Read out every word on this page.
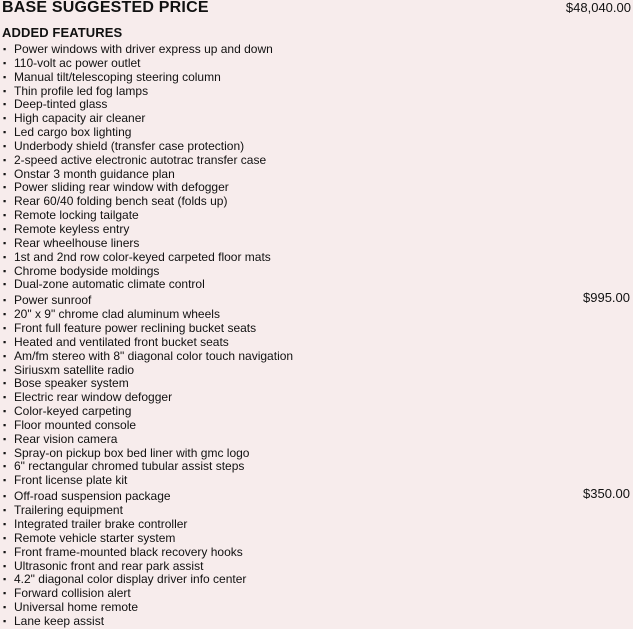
BASE SUGGESTED PRICE	$48,040.00
ADDED FEATURES
▪ Power windows with driver express up and down
▪ 110-volt ac power outlet
▪ Manual tilt/telescoping steering column
▪ Thin profile led fog lamps
▪ Deep-tinted glass
▪ High capacity air cleaner
▪ Led cargo box lighting
▪ Underbody shield (transfer case protection)
▪ 2-speed active electronic autotrac transfer case
▪ Onstar 3 month guidance plan
▪ Power sliding rear window with defogger
▪ Rear 60/40 folding bench seat (folds up)
▪ Remote locking tailgate
▪ Remote keyless entry
▪ Rear wheelhouse liners
▪ 1st and 2nd row color-keyed carpeted floor mats
▪ Chrome bodyside moldings
▪ Dual-zone automatic climate control
▪ Power sunroof	$995.00
▪ 20" x 9" chrome clad aluminum wheels
▪ Front full feature power reclining bucket seats
▪ Heated and ventilated front bucket seats
▪ Am/fm stereo with 8" diagonal color touch navigation
▪ Siriusxm satellite radio
▪ Bose speaker system
▪ Electric rear window defogger
▪ Color-keyed carpeting
▪ Floor mounted console
▪ Rear vision camera
▪ Spray-on pickup box bed liner with gmc logo
▪ 6" rectangular chromed tubular assist steps
▪ Front license plate kit
▪ Off-road suspension package	$350.00
▪ Trailering equipment
▪ Integrated trailer brake controller
▪ Remote vehicle starter system
▪ Front frame-mounted black recovery hooks
▪ Ultrasonic front and rear park assist
▪ 4.2" diagonal color display driver info center
▪ Forward collision alert
▪ Universal home remote
▪ Lane keep assist
